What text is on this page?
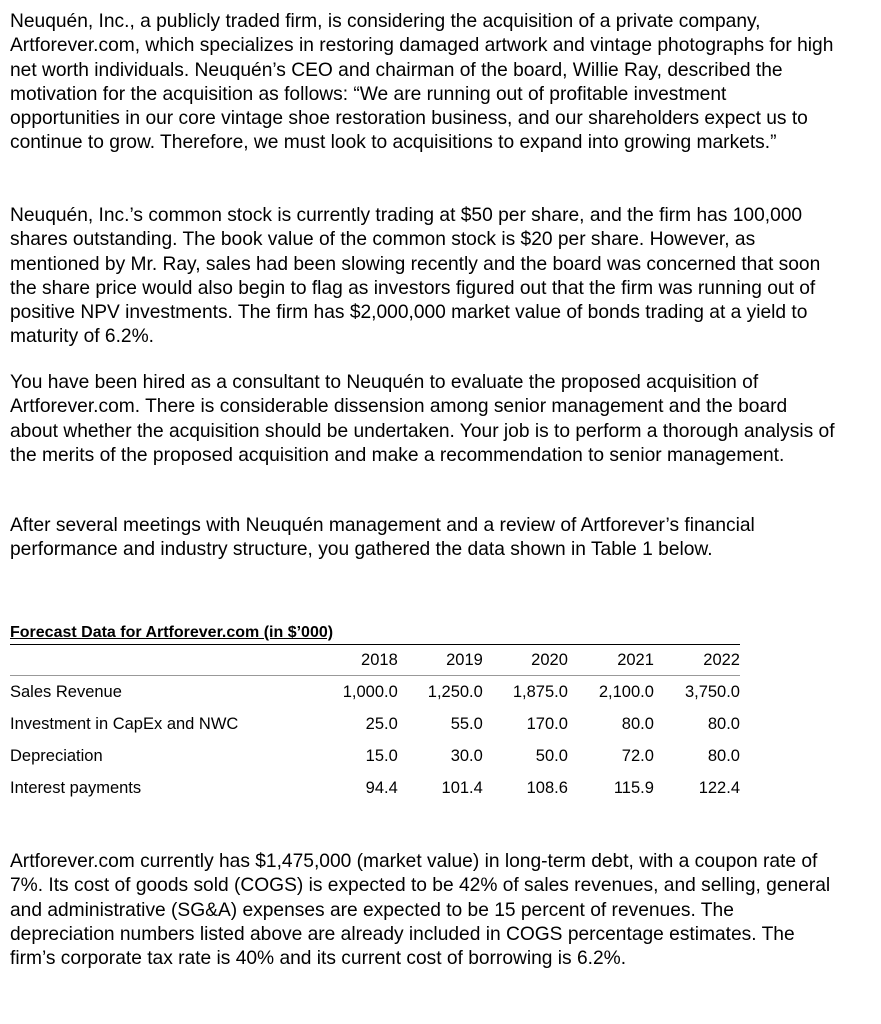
Neuquén, Inc., a publicly traded firm, is considering the acquisition of a private company, Artforever.com, which specializes in restoring damaged artwork and vintage photographs for high net worth individuals. Neuquén’s CEO and chairman of the board, Willie Ray, described the motivation for the acquisition as follows: “We are running out of profitable investment opportunities in our core vintage shoe restoration business, and our shareholders expect us to continue to grow. Therefore, we must look to acquisitions to expand into growing markets.”

Neuquén, Inc.’s common stock is currently trading at $50 per share, and the firm has 100,000 shares outstanding. The book value of the common stock is $20 per share. However, as mentioned by Mr. Ray, sales had been slowing recently and the board was concerned that soon the share price would also begin to flag as investors figured out that the firm was running out of positive NPV investments. The firm has $2,000,000 market value of bonds trading at a yield to maturity of 6.2%.

You have been hired as a consultant to Neuquén to evaluate the proposed acquisition of Artforever.com. There is considerable dissension among senior management and the board about whether the acquisition should be undertaken. Your job is to perform a thorough analysis of the merits of the proposed acquisition and make a recommendation to senior management.

After several meetings with Neuquén management and a review of Artforever’s financial performance and industry structure, you gathered the data shown in Table 1 below.

Forecast Data for Artforever.com (in $’000)
	2018	2019	2020	2021	2022
Sales Revenue	1,000.0	1,250.0	1,875.0	2,100.0	3,750.0
Investment in CapEx and NWC	25.0	55.0	170.0	80.0	80.0
Depreciation	15.0	30.0	50.0	72.0	80.0
Interest payments	94.4	101.4	108.6	115.9	122.4

Artforever.com currently has $1,475,000 (market value) in long-term debt, with a coupon rate of 7%. Its cost of goods sold (COGS) is expected to be 42% of sales revenues, and selling, general and administrative (SG&A) expenses are expected to be 15 percent of revenues. The depreciation numbers listed above are already included in COGS percentage estimates. The firm’s corporate tax rate is 40% and its current cost of borrowing is 6.2%.
